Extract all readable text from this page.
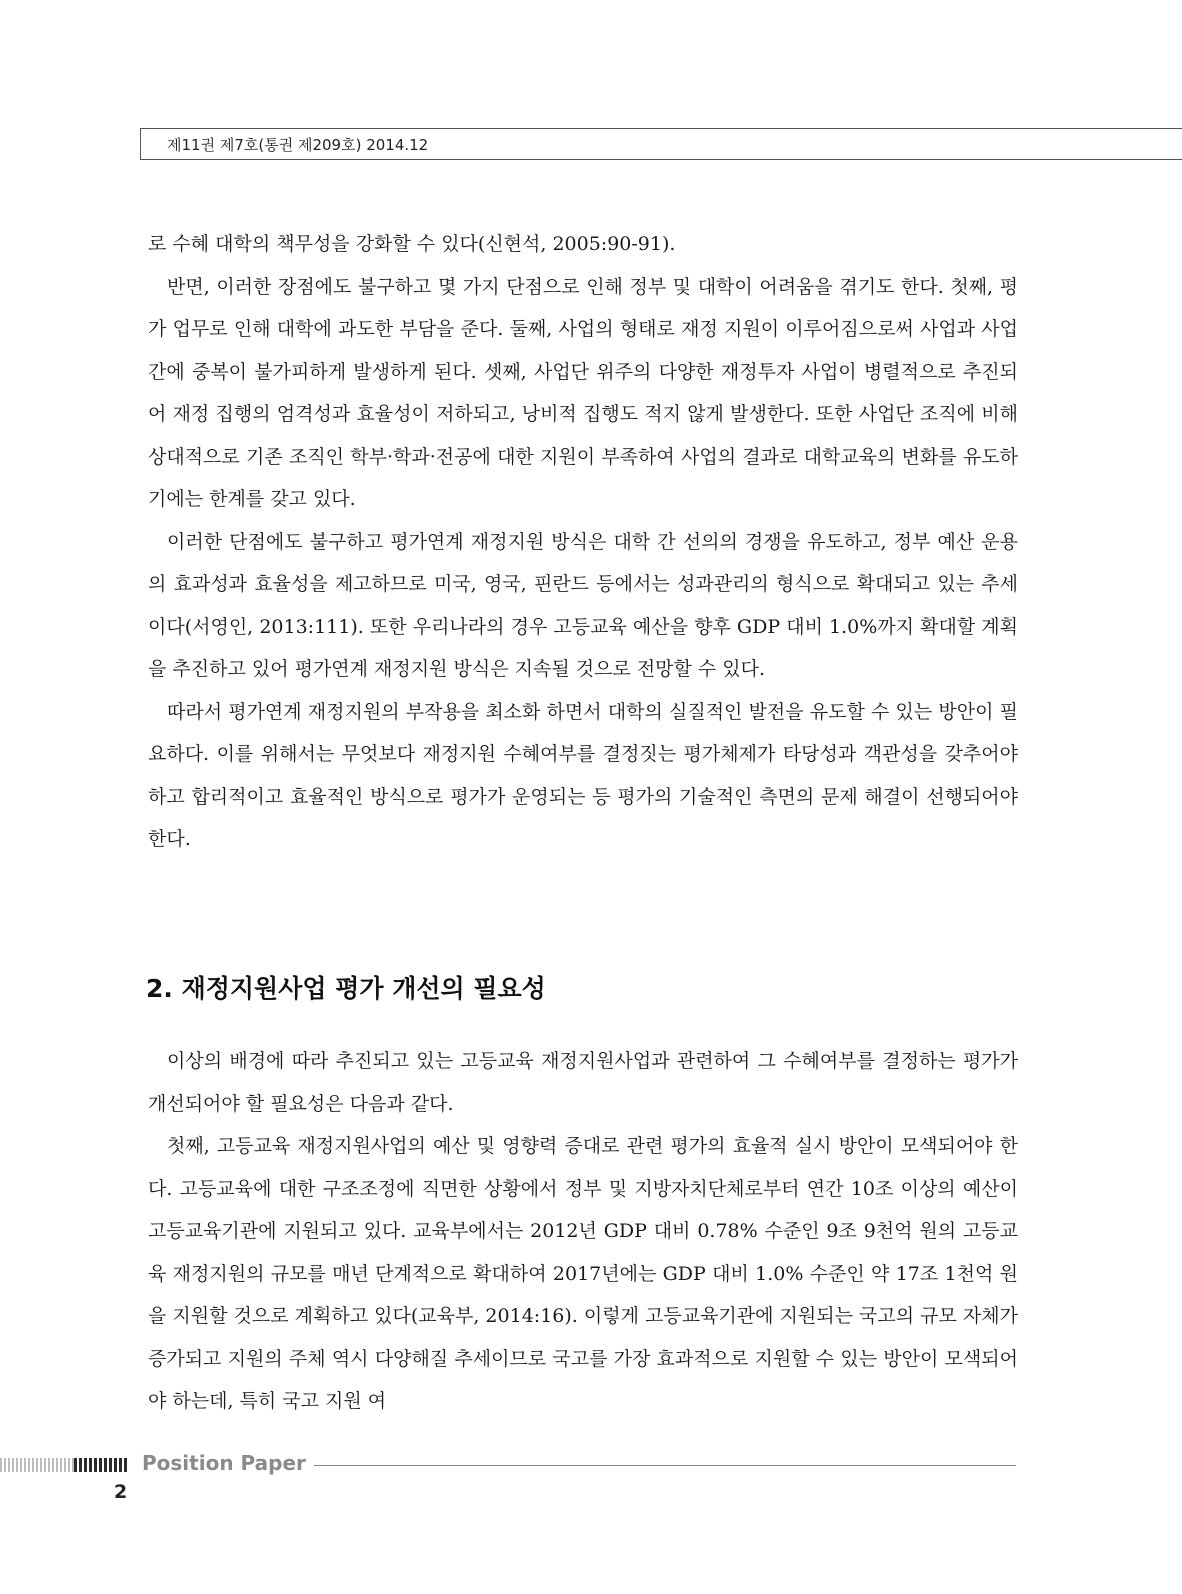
제11권 제7호(통권 제209호) 2014.12

로 수혜 대학의 책무성을 강화할 수 있다(신현석, 2005:90-91).

반면, 이러한 장점에도 불구하고 몇 가지 단점으로 인해 정부 및 대학이 어려움을 겪기도 한다. 첫째, 평가 업무로 인해 대학에 과도한 부담을 준다. 둘째, 사업의 형태로 재정 지원이 이루어짐으로써 사업과 사업 간에 중복이 불가피하게 발생하게 된다. 셋째, 사업단 위주의 다양한 재정투자 사업이 병렬적으로 추진되어 재정 집행의 엄격성과 효율성이 저하되고, 낭비적 집행도 적지 않게 발생한다. 또한 사업단 조직에 비해 상대적으로 기존 조직인 학부·학과·전공에 대한 지원이 부족하여 사업의 결과로 대학교육의 변화를 유도하기에는 한계를 갖고 있다.

이러한 단점에도 불구하고 평가연계 재정지원 방식은 대학 간 선의의 경쟁을 유도하고, 정부 예산 운용의 효과성과 효율성을 제고하므로 미국, 영국, 핀란드 등에서는 성과관리의 형식으로 확대되고 있는 추세이다(서영인, 2013:111). 또한 우리나라의 경우 고등교육 예산을 향후 GDP 대비 1.0%까지 확대할 계획을 추진하고 있어 평가연계 재정지원 방식은 지속될 것으로 전망할 수 있다.

따라서 평가연계 재정지원의 부작용을 최소화 하면서 대학의 실질적인 발전을 유도할 수 있는 방안이 필요하다. 이를 위해서는 무엇보다 재정지원 수혜여부를 결정짓는 평가체제가 타당성과 객관성을 갖추어야 하고 합리적이고 효율적인 방식으로 평가가 운영되는 등 평가의 기술적인 측면의 문제 해결이 선행되어야 한다.

2. 재정지원사업 평가 개선의 필요성

이상의 배경에 따라 추진되고 있는 고등교육 재정지원사업과 관련하여 그 수혜여부를 결정하는 평가가 개선되어야 할 필요성은 다음과 같다.

첫째, 고등교육 재정지원사업의 예산 및 영향력 증대로 관련 평가의 효율적 실시 방안이 모색되어야 한다. 고등교육에 대한 구조조정에 직면한 상황에서 정부 및 지방자치단체로부터 연간 10조 이상의 예산이 고등교육기관에 지원되고 있다. 교육부에서는 2012년 GDP 대비 0.78% 수준인 9조 9천억 원의 고등교육 재정지원의 규모를 매년 단계적으로 확대하여 2017년에는 GDP 대비 1.0% 수준인 약 17조 1천억 원을 지원할 것으로 계획하고 있다(교육부, 2014:16). 이렇게 고등교육기관에 지원되는 국고의 규모 자체가 증가되고 지원의 주체 역시 다양해질 추세이므로 국고를 가장 효과적으로 지원할 수 있는 방안이 모색되어야 하는데, 특히 국고 지원 여

Position Paper
2
